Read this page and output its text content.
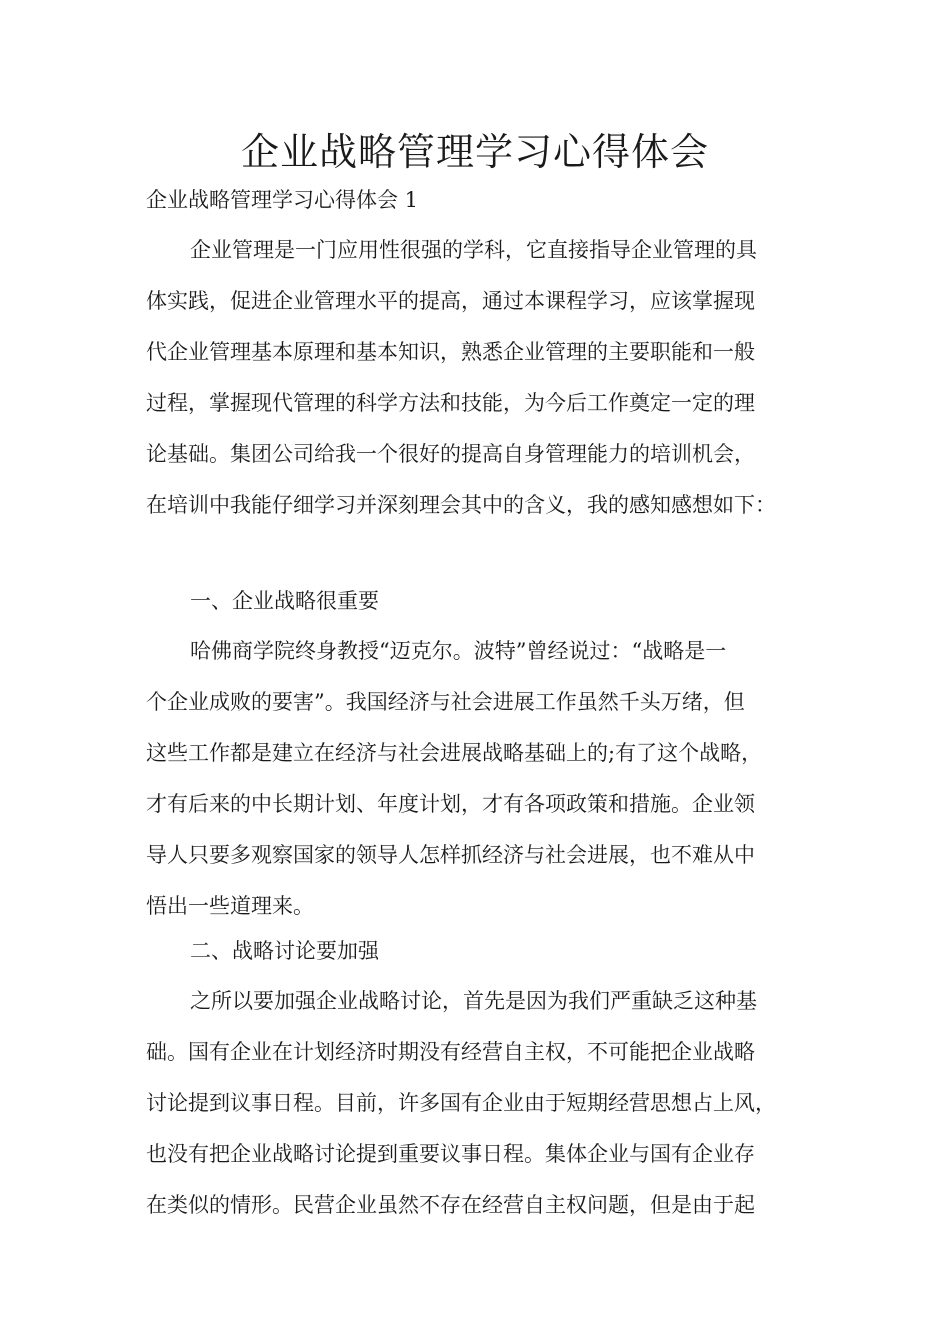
企业战略管理学习心得体会

企业战略管理学习心得体会 1

企业管理是一门应用性很强的学科，它直接指导企业管理的具

体实践，促进企业管理水平的提高，通过本课程学习，应该掌握现

代企业管理基本原理和基本知识，熟悉企业管理的主要职能和一般

过程，掌握现代管理的科学方法和技能，为今后工作奠定一定的理

论基础。集团公司给我一个很好的提高自身管理能力的培训机会，

在培训中我能仔细学习并深刻理会其中的含义，我的感知感想如下：

一、企业战略很重要

哈佛商学院终身教授“迈克尔。波特”曾经说过：“战略是一

个企业成败的要害”。我国经济与社会进展工作虽然千头万绪，但

这些工作都是建立在经济与社会进展战略基础上的;有了这个战略，

才有后来的中长期计划、年度计划，才有各项政策和措施。企业领

导人只要多观察国家的领导人怎样抓经济与社会进展，也不难从中

悟出一些道理来。

二、战略讨论要加强

之所以要加强企业战略讨论，首先是因为我们严重缺乏这种基

础。国有企业在计划经济时期没有经营自主权，不可能把企业战略

讨论提到议事日程。目前，许多国有企业由于短期经营思想占上风，

也没有把企业战略讨论提到重要议事日程。集体企业与国有企业存

在类似的情形。民营企业虽然不存在经营自主权问题，但是由于起
